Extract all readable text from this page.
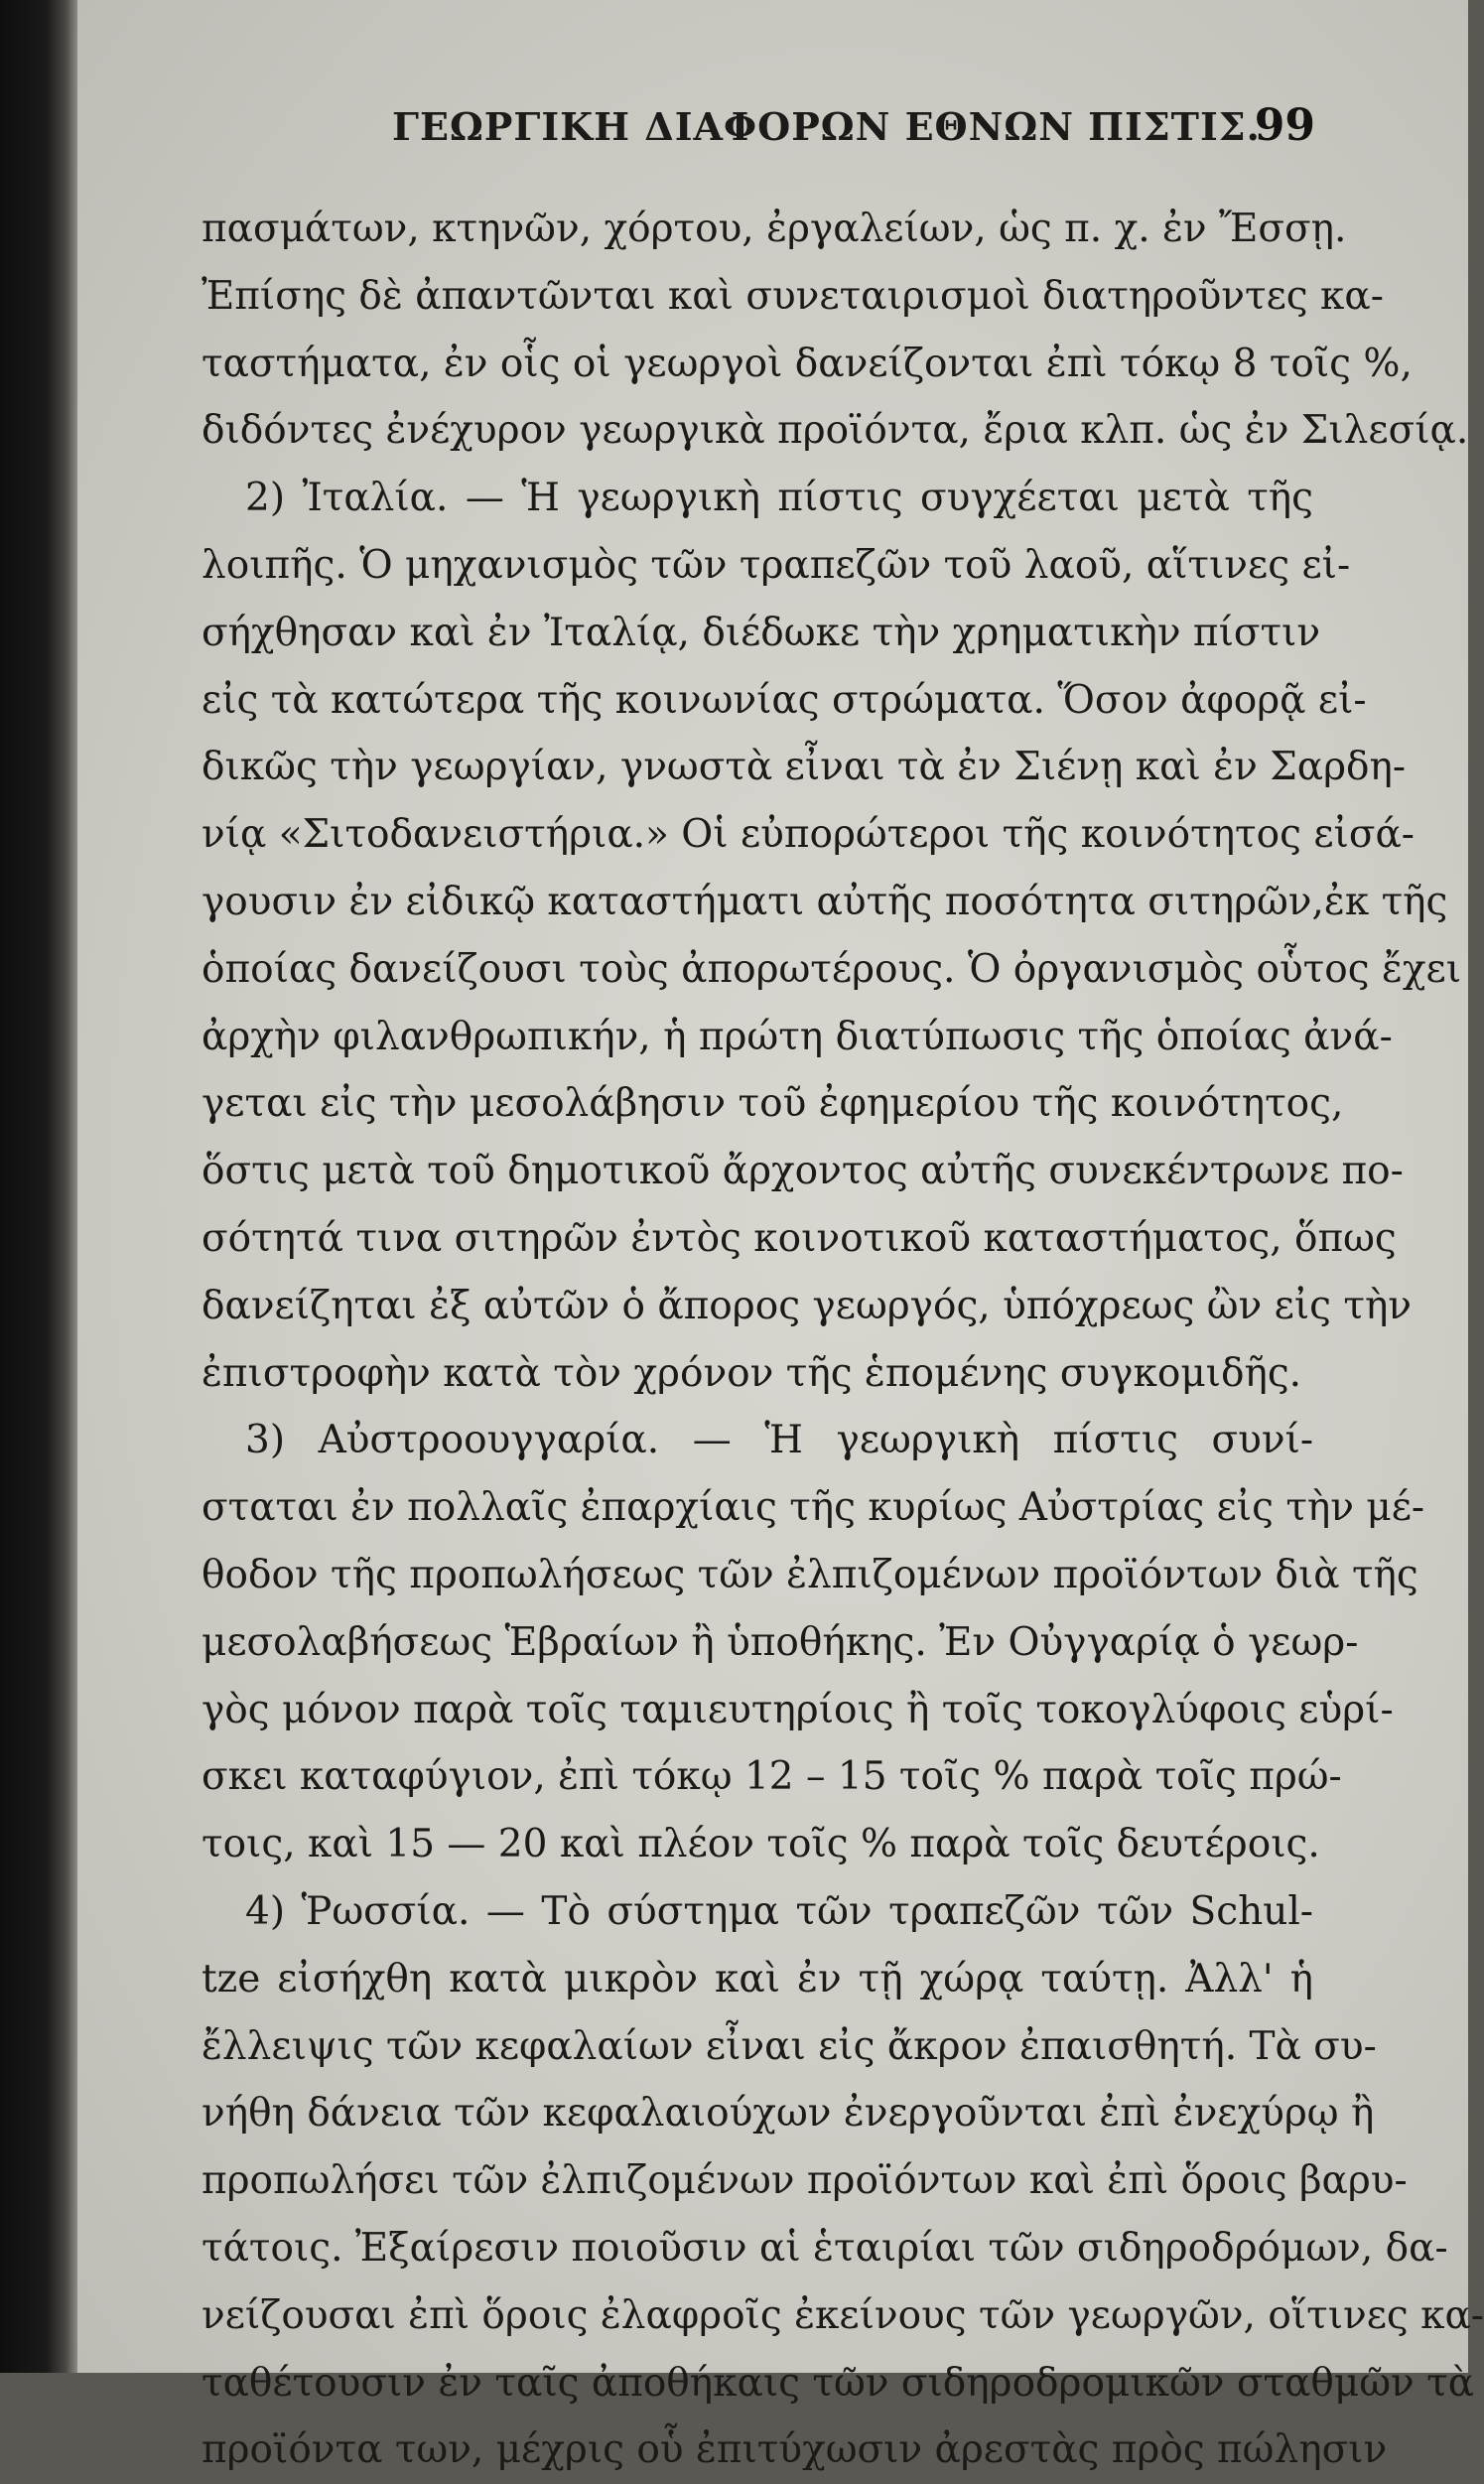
ΓΕΩΡΓΙΚΗ ΔΙΑΦΟΡΩΝ ΕΘΝΩΝ ΠΙΣΤΙΣ.
99
πασμάτων, κτηνῶν, χόρτου, ἐργαλείων, ὡς π. χ. ἐν Ἔσσῃ.
Ἐπίσης δὲ ἀπαντῶνται καὶ συνεταιρισμοὶ διατηροῦντες κα-
ταστήματα, ἐν οἷς οἱ γεωργοὶ δανείζονται ἐπὶ τόκῳ 8 τοῖς %,
διδόντες ἐνέχυρον γεωργικὰ προϊόντα, ἔρια κλπ. ὡς ἐν Σιλεσίᾳ.
2) Ἰταλία. — Ἡ γεωργικὴ πίστις συγχέεται μετὰ τῆς
λοιπῆς. Ὁ μηχανισμὸς τῶν τραπεζῶν τοῦ λαοῦ, αἵτινες εἰ-
σήχθησαν καὶ ἐν Ἰταλίᾳ, διέδωκε τὴν χρηματικὴν πίστιν
εἰς τὰ κατώτερα τῆς κοινωνίας στρώματα. Ὅσον ἀφορᾷ εἰ-
δικῶς τὴν γεωργίαν, γνωστὰ εἶναι τὰ ἐν Σιένῃ καὶ ἐν Σαρδη-
νίᾳ «Σιτοδανειστήρια.» Οἱ εὐπορώτεροι τῆς κοινότητος εἰσά-
γουσιν ἐν εἰδικῷ καταστήματι αὐτῆς ποσότητα σιτηρῶν,ἐκ τῆς
ὁποίας δανείζουσι τοὺς ἀπορωτέρους. Ὁ ὀργανισμὸς οὗτος ἔχει
ἀρχὴν φιλανθρωπικήν, ἡ πρώτη διατύπωσις τῆς ὁποίας ἀνά-
γεται εἰς τὴν μεσολάβησιν τοῦ ἐφημερίου τῆς κοινότητος,
ὅστις μετὰ τοῦ δημοτικοῦ ἄρχοντος αὐτῆς συνεκέντρωνε πο-
σότητά τινα σιτηρῶν ἐντὸς κοινοτικοῦ καταστήματος, ὅπως
δανείζηται ἐξ αὐτῶν ὁ ἄπορος γεωργός, ὑπόχρεως ὢν εἰς τὴν
ἐπιστροφὴν κατὰ τὸν χρόνον τῆς ἑπομένης συγκομιδῆς.
3) Αὐστροουγγαρία. — Ἡ γεωργικὴ πίστις συνί-
σταται ἐν πολλαῖς ἐπαρχίαις τῆς κυρίως Αὐστρίας εἰς τὴν μέ-
θοδον τῆς προπωλήσεως τῶν ἐλπιζομένων προϊόντων διὰ τῆς
μεσολαβήσεως Ἑβραίων ἢ ὑποθήκης. Ἐν Οὐγγαρίᾳ ὁ γεωρ-
γὸς μόνον παρὰ τοῖς ταμιευτηρίοις ἢ τοῖς τοκογλύφοις εὑρί-
σκει καταφύγιον, ἐπὶ τόκῳ 12 – 15 τοῖς % παρὰ τοῖς πρώ-
τοις, καὶ 15 — 20 καὶ πλέον τοῖς % παρὰ τοῖς δευτέροις.
4) Ῥωσσία. — Τὸ σύστημα τῶν τραπεζῶν τῶν Schul-
tze εἰσήχθη κατὰ μικρὸν καὶ ἐν τῇ χώρᾳ ταύτῃ. Ἀλλ' ἡ
ἔλλειψις τῶν κεφαλαίων εἶναι εἰς ἄκρον ἐπαισθητή. Τὰ συ-
νήθη δάνεια τῶν κεφαλαιούχων ἐνεργοῦνται ἐπὶ ἐνεχύρῳ ἢ
προπωλήσει τῶν ἐλπιζομένων προϊόντων καὶ ἐπὶ ὅροις βαρυ-
τάτοις. Ἐξαίρεσιν ποιοῦσιν αἱ ἑταιρίαι τῶν σιδηροδρόμων, δα-
νείζουσαι ἐπὶ ὅροις ἐλαφροῖς ἐκείνους τῶν γεωργῶν, οἵτινες κα-
ταθέτουσιν ἐν ταῖς ἀποθήκαις τῶν σιδηροδρομικῶν σταθμῶν τὰ
προϊόντα των, μέχρις οὗ ἐπιτύχωσιν ἀρεστὰς πρὸς πώλησιν
